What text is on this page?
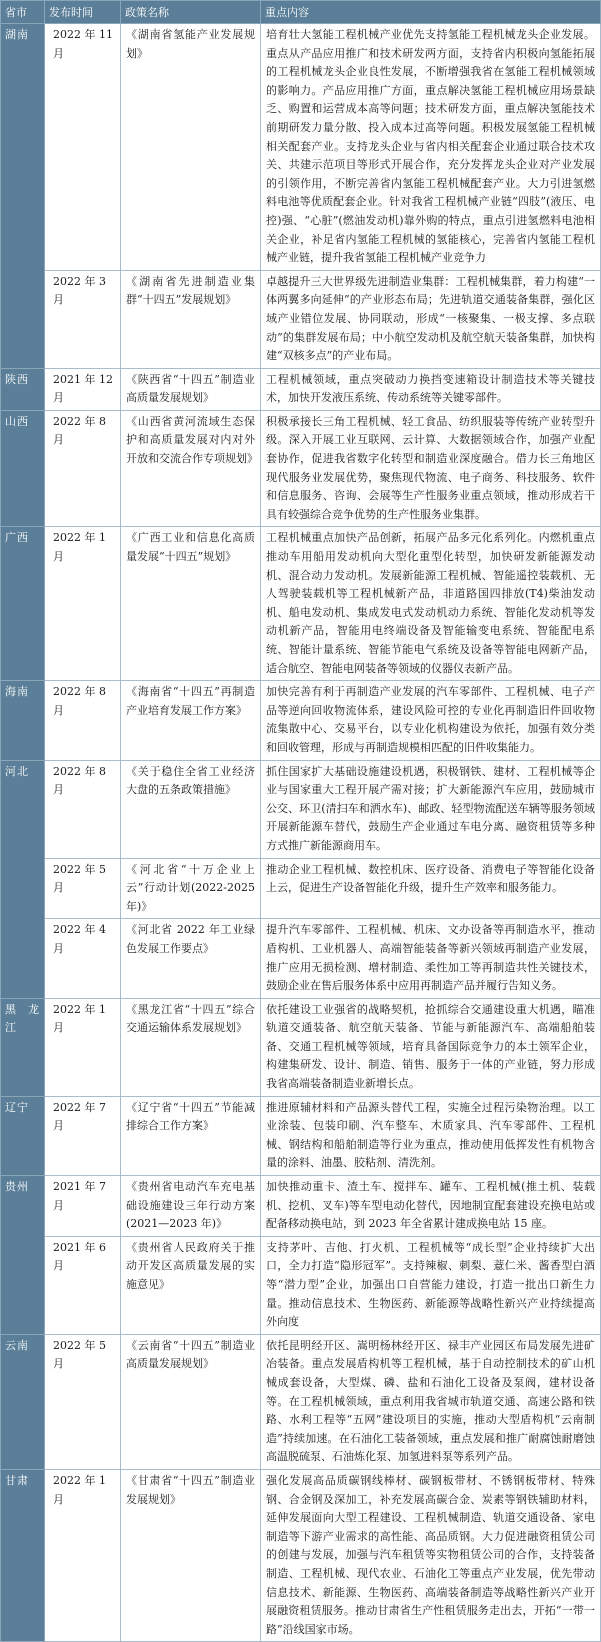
省市	发布时间	政策名称	重点内容
湖南	2022 年 11 月	《湖南省氢能产业发展规划》	培育壮大氢能工程机械产业优先支持氢能工程机械龙头企业发展。重点从产品应用推广和技术研发两方面，支持省内积极向氢能拓展的工程机械龙头企业良性发展，不断增强我省在氢能工程机械领域的影响力。产品应用推广方面，重点解决氢能工程机械应用场景缺乏、购置和运营成本高等问题；技术研发方面，重点解决氢能技术前期研发力量分散、投入成本过高等问题。积极发展氢能工程机械相关配套产业。支持龙头企业与省内相关配套企业通过联合技术攻关、共建示范项目等形式开展合作，充分发挥龙头企业对产业发展的引领作用，不断完善省内氢能工程机械配套产业。大力引进氢燃料电池等优质配套企业。针对我省工程机械产业链“四肢”(液压、电控)强、“心脏”(燃油发动机)靠外购的特点，重点引进氢燃料电池相关企业，补足省内氢能工程机械的氢能核心，完善省内氢能工程机械产业链，提升我省氢能工程机械产业竞争力
	2022 年 3 月	《湖南省先进制造业集群“十四五”发展规划》	卓越提升三大世界级先进制造业集群：工程机械集群，着力构建“一体两翼多向延伸”的产业形态布局；先进轨道交通装备集群，强化区域产业错位发展、协同联动，形成“一核聚集、一极支撑、多点联动”的集群发展布局；中小航空发动机及航空航天装备集群，加快构建“双核多点”的产业布局。
陕西	2021 年 12 月	《陕西省“十四五”制造业高质量发展规划》	工程机械领域，重点突破动力换挡变速箱设计制造技术等关键技术，加快开发液压系统、传动系统等关键零部件。
山西	2022 年 8 月	《山西省黄河流域生态保护和高质量发展对内对外开放和交流合作专项规划》	积极承接长三角工程机械、轻工食品、纺织服装等传统产业转型升级。深入开展工业互联网、云计算、大数据领域合作，加强产业配套协作，促进我省数字化转型和制造业深度融合。借力长三角地区现代服务业发展优势，聚焦现代物流、电子商务、科技服务、软件和信息服务、咨询、会展等生产性服务业重点领域，推动形成若干具有较强综合竞争优势的生产性服务业集群。
广西	2022 年 1 月	《广西工业和信息化高质量发展“十四五”规划》	工程机械重点加快产品创新，拓展产品多元化系列化。内燃机重点推动车用船用发动机向大型化重型化转型，加快研发新能源发动机、混合动力发动机。发展新能源工程机械、智能遥控装载机、无人驾驶装载机等工程机械新产品，非道路国四排放(T4)柴油发动机、船电发动机、集成发电式发动机动力系统、智能化发动机等发动机新产品，智能用电终端设备及智能输变电系统、智能配电系统、智能计量系统、智能节能电气系统及设备等智能电网新产品，适合航空、智能电网装备等领域的仪器仪表新产品。
海南	2022 年 8 月	《海南省“十四五”再制造产业培育发展工作方案》	加快完善有利于再制造产业发展的汽车零部件、工程机械、电子产品等逆向回收物流体系，建设风险可控的专业化再制造旧件回收物流集散中心、交易平台，以专业化机构建设为依托，加强有效分类和回收管理，形成与再制造规模相匹配的旧件收集能力。
河北	2022 年 8 月	《关于稳住全省工业经济大盘的五条政策措施》	抓住国家扩大基础设施建设机遇，积极钢铁、建材、工程机械等企业与国家重大工程开展产需对接；扩大新能源汽车应用，鼓励城市公交、环卫(清扫车和洒水车)、邮政、轻型物流配送车辆等服务领域开展新能源车替代，鼓励生产企业通过车电分离、融资租赁等多种方式推广新能源商用车。
	2022 年 5 月	《河北省“十万企业上云”行动计划(2022-2025 年)》	推动企业工程机械、数控机床、医疗设备、消费电子等智能化设备上云，促进生产设备智能化升级，提升生产效率和服务能力。
	2022 年 4 月	《河北省 2022 年工业绿色发展工作要点》	提升汽车零部件、工程机械、机床、文办设备等再制造水平，推动盾构机、工业机器人、高端智能装备等新兴领域再制造产业发展，推广应用无损检测、增材制造、柔性加工等再制造共性关键技术，鼓励企业在售后服务体系中应用再制造产品并履行告知义务。
黑龙江	2022 年 1 月	《黑龙江省“十四五”综合交通运输体系发展规划》	依托建设工业强省的战略契机，抢抓综合交通建设重大机遇，瞄准轨道交通装备、航空航天装备、节能与新能源汽车、高端船舶装备、交通工程机械等领域，培育具备国际竞争力的本土领军企业，构建集研发、设计、制造、销售、服务于一体的产业链，努力形成我省高端装备制造业新增长点。
辽宁	2022 年 7 月	《辽宁省“十四五”节能减排综合工作方案》	推进原辅材料和产品源头替代工程，实施全过程污染物治理。以工业涂装、包装印刷、汽车整车、木质家具、汽车零部件、工程机械、钢结构和船舶制造等行业为重点，推动使用低挥发性有机物含量的涂料、油墨、胶粘剂、清洗剂。
贵州	2021 年 7 月	《贵州省电动汽车充电基础设施建设三年行动方案(2021—2023 年)》	加快推动重卡、渣土车、搅拌车、罐车、工程机械(推土机、装载机、挖机、叉车)等车型电动化替代，因地制宜配套建设充换电站或配备移动换电站，到 2023 年全省累计建成换电站 15 座。
	2021 年 6 月	《贵州省人民政府关于推动开发区高质量发展的实施意见》	支持茅叶、吉他、打火机、工程机械等“成长型”企业持续扩大出口，全力打造“隐形冠军”。支持辣椒、刺梨、薏仁米、酱香型白酒等“潜力型”企业，加强出口自营能力建设，打造一批出口新生力量。推动信息技术、生物医药、新能源等战略性新兴产业持续提高外向度
云南	2022 年 5 月	《云南省“十四五”制造业高质量发展规划》	依托昆明经开区、嵩明杨林经开区、禄丰产业园区布局发展先进矿冶装备。重点发展盾构机等工程机械，基于自动控制技术的矿山机械成套设备，大型煤、磷、盐和石油化工设备及泵阀，建材设备等。在工程机械领域，重点利用我省城市轨道交通、高速公路和铁路、水利工程等“五网”建设项目的实施，推动大型盾构机“云南制造”持续加速。在石油化工装备领域，重点发展和推广耐腐蚀耐磨蚀高温脱硫泵、石油炼化泵、加氢进料泵等系列产品。
甘肃	2022 年 1 月	《甘肃省“十四五”制造业发展规划》	强化发展高品质碳钢线棒材、碳钢板带材、不锈钢板带材、特殊钢、合金钢及深加工，补充发展高碳合金、炭素等钢铁辅助材料，延伸发展面向大型工程建设、工程机械制造、轨道交通设备、家电制造等下游产业需求的高性能、高品质钢。大力促进融资租赁公司的创建与发展，加强与汽车租赁等实物租赁公司的合作，支持装备制造、工程机械、现代农业、石油化工等重点产业发展，优先带动信息技术、新能源、生物医药、高端装备制造等战略性新兴产业开展融资租赁服务。推动甘肃省生产性租赁服务走出去，开拓“一带一路”沿线国家市场。
